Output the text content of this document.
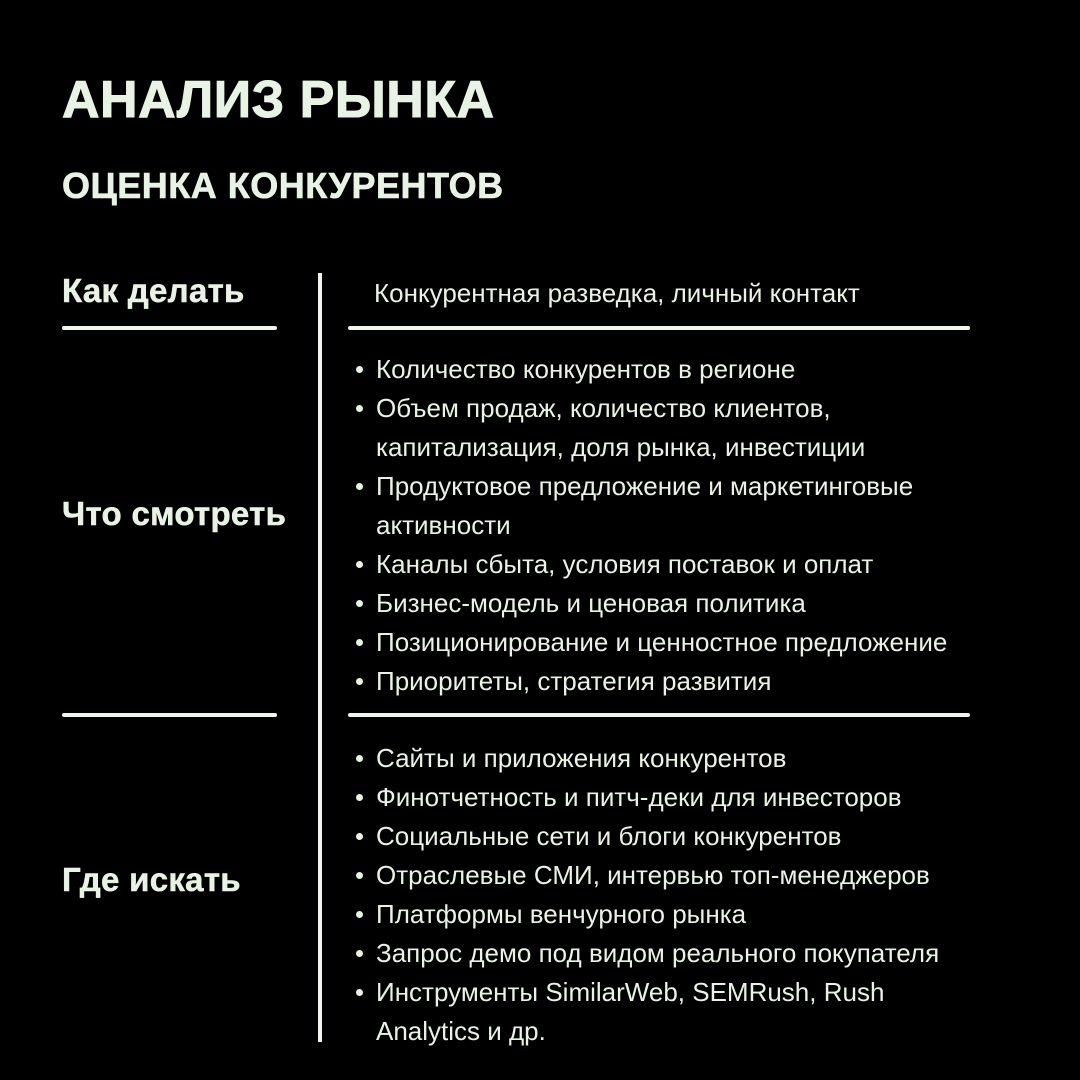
АНАЛИЗ РЫНКА
ОЦЕНКА КОНКУРЕНТОВ
Как делать	Конкурентная разведка, личный контакт
Что смотреть
Количество конкурентов в регионе
Объем продаж, количество клиентов, капитализация, доля рынка, инвестиции
Продуктовое предложение и маркетинговые активности
Каналы сбыта, условия поставок и оплат
Бизнес-модель и ценовая политика
Позиционирование и ценностное предложение
Приоритеты, стратегия развития
Где искать
Сайты и приложения конкурентов
Финотчетность и питч-деки для инвесторов
Социальные сети и блоги конкурентов
Отраслевые СМИ, интервью топ-менеджеров
Платформы венчурного рынка
Запрос демо под видом реального покупателя
Инструменты SimilarWeb, SEMRush, Rush Analytics и др.
